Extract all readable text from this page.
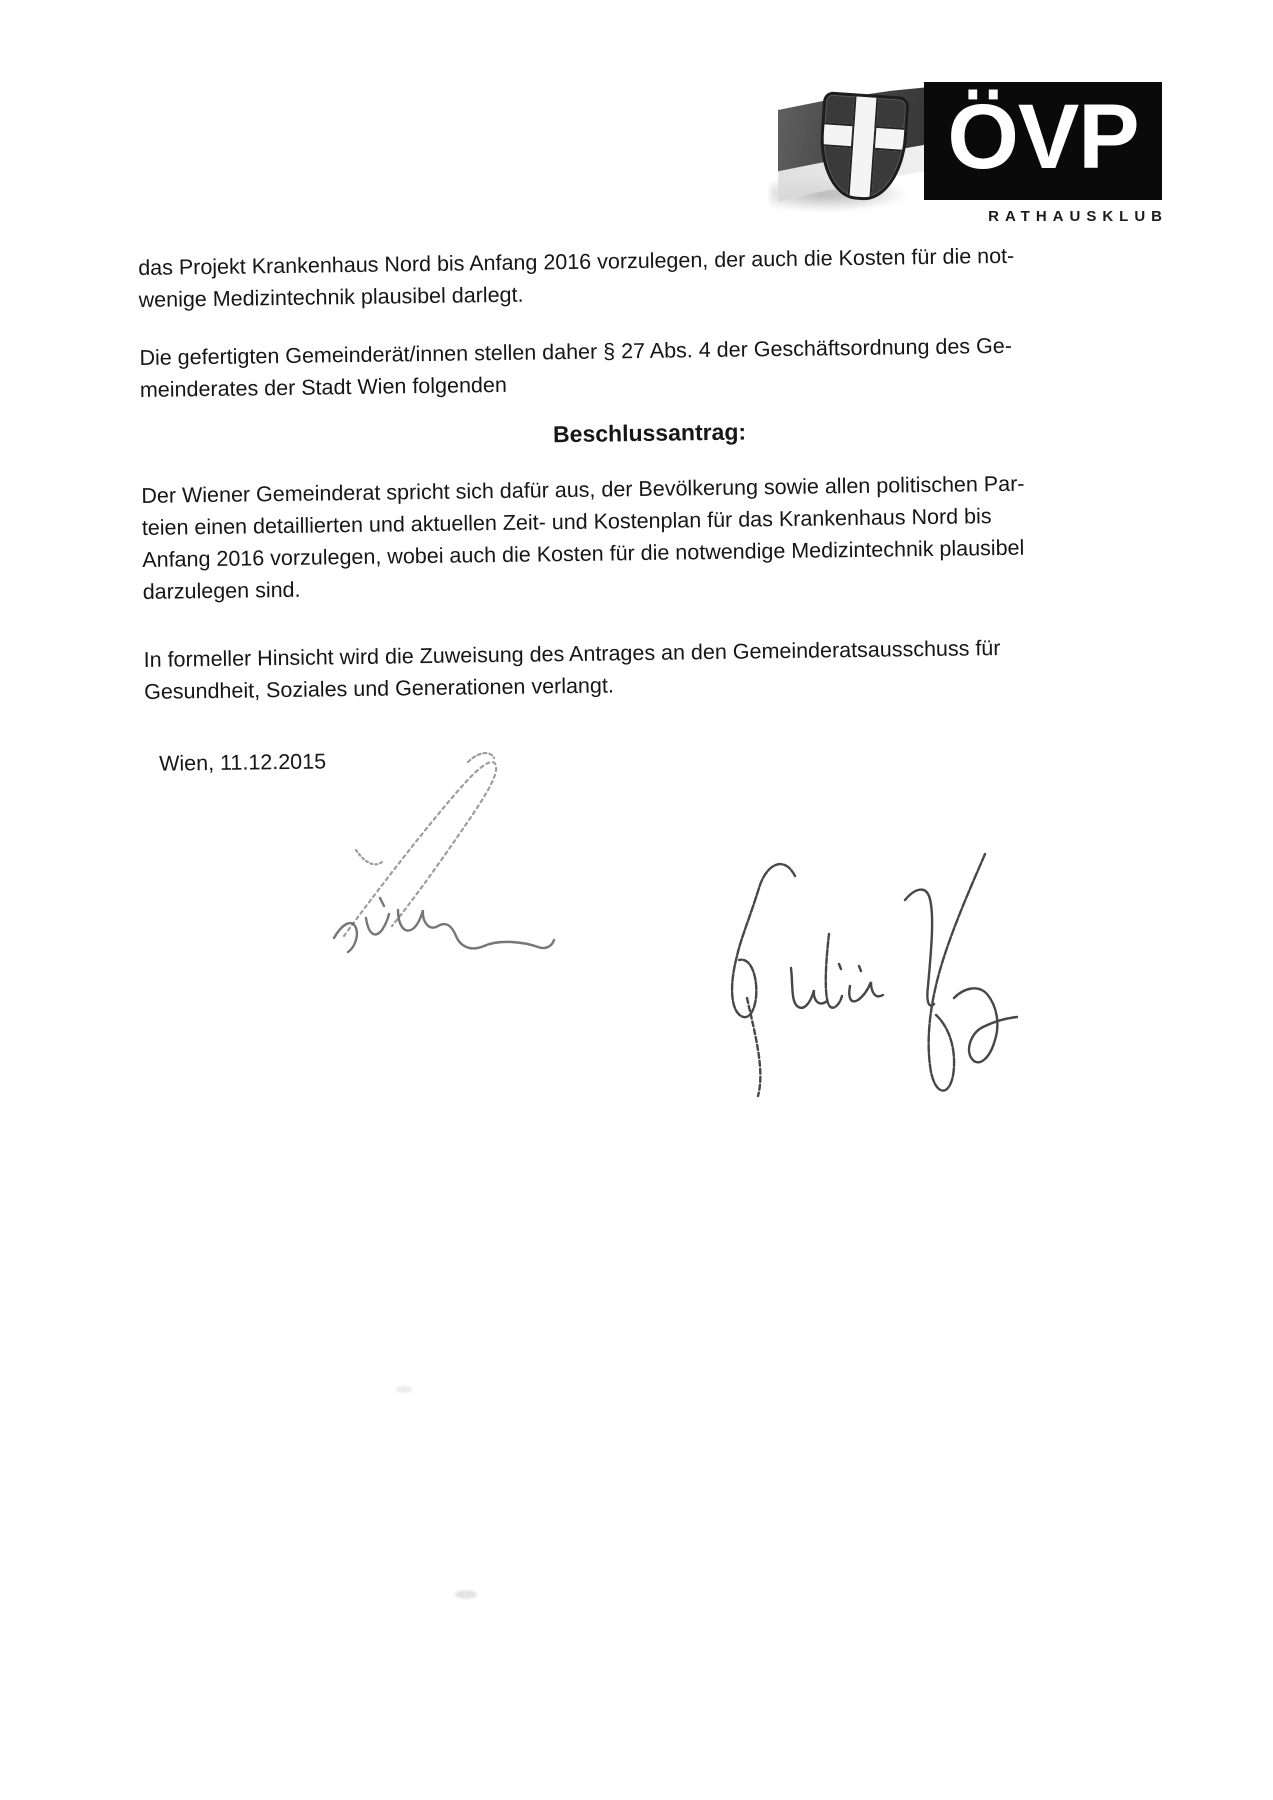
ÖVP
RATHAUSKLUB
das Projekt Krankenhaus Nord bis Anfang 2016 vorzulegen, der auch die Kosten für die not-
wenige Medizintechnik plausibel darlegt.
Die gefertigten Gemeinderät/innen stellen daher § 27 Abs. 4 der Geschäftsordnung des Ge-
meinderates der Stadt Wien folgenden
Beschlussantrag:
Der Wiener Gemeinderat spricht sich dafür aus, der Bevölkerung sowie allen politischen Par-
teien einen detaillierten und aktuellen Zeit- und Kostenplan für das Krankenhaus Nord bis
Anfang 2016 vorzulegen, wobei auch die Kosten für die notwendige Medizintechnik plausibel
darzulegen sind.
In formeller Hinsicht wird die Zuweisung des Antrages an den Gemeinderatsausschuss für
Gesundheit, Soziales und Generationen verlangt.
Wien, 11.12.2015
